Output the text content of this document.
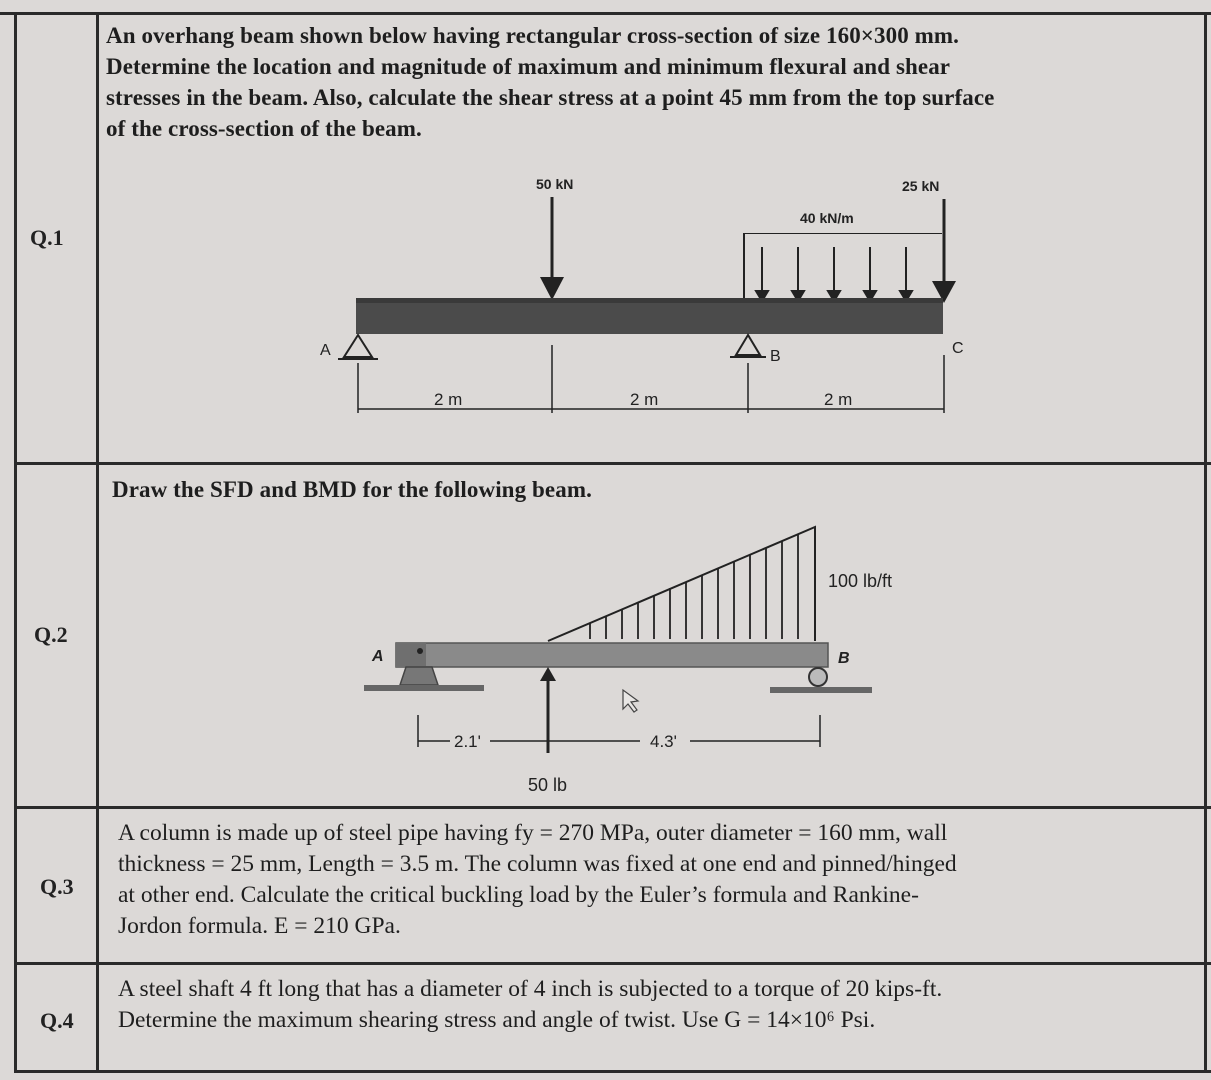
Q.1
An overhang beam shown below having rectangular cross-section of size 160×300 mm.
Determine the location and magnitude of maximum and minimum flexural and shear
stresses in the beam. Also, calculate the shear stress at a point 45 mm from the top surface
of the cross-section of the beam.
50 kN
40 kN/m
25 kN
A	B	C
2 m	2 m	2 m
Q.2
Draw the SFD and BMD for the following beam.
100 lb/ft
A	B
50 lb
2.1'	4.3'
Q.3
A column is made up of steel pipe having fy = 270 MPa, outer diameter = 160 mm, wall
thickness = 25 mm, Length = 3.5 m. The column was fixed at one end and pinned/hinged
at other end. Calculate the critical buckling load by the Euler’s formula and Rankine-
Jordon formula. E = 210 GPa.
Q.4
A steel shaft 4 ft long that has a diameter of 4 inch is subjected to a torque of 20 kips-ft.
Determine the maximum shearing stress and angle of twist. Use G = 14×10⁶ Psi.
